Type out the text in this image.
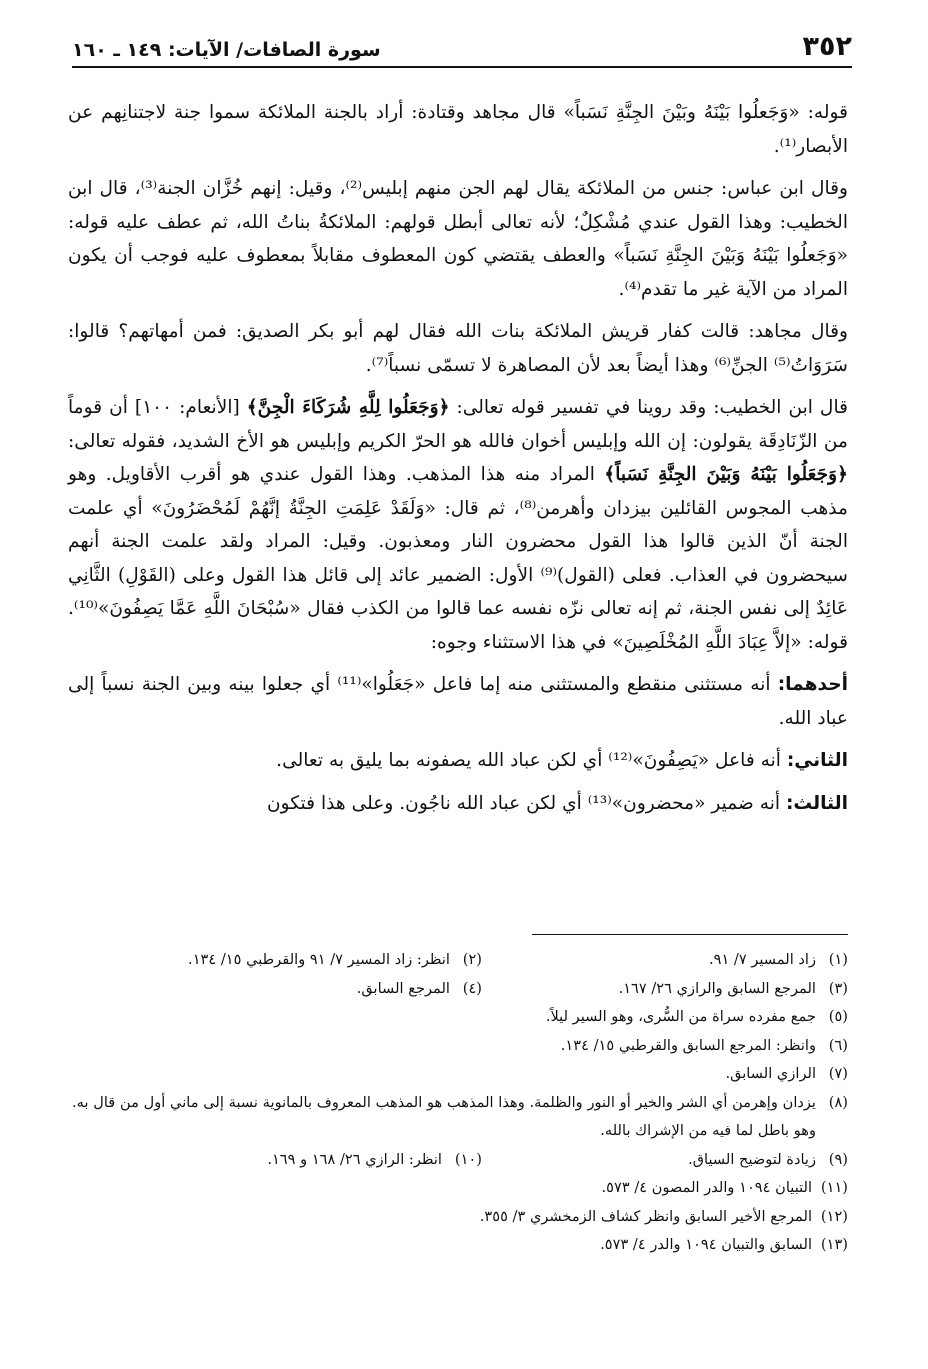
٣٥٢
سورة الصافات/ الآيات: ١٤٩ ـ ١٦٠

قوله: «وَجَعلُوا بَيْنَهُ وبَيْنَ الجِنَّةِ نَسَباً» قال مجاهد وقتادة: أراد بالجنة الملائكة سموا جنة لاجتنانِهم عن الأبصار⁽¹⁾.

وقال ابن عباس: جنس من الملائكة يقال لهم الجن منهم إبليس⁽²⁾، وقيل: إنهم خُزَّان الجنة⁽³⁾، قال ابن الخطيب: وهذا القول عندي مُشْكِلٌ؛ لأنه تعالى أبطل قولهم: الملائكةُ بناتُ الله، ثم عطف عليه قوله: «وَجَعلُوا بَيْنَهُ وَبَيْنَ الجِنَّةِ نَسَباً» والعطف يقتضي كون المعطوف مقابلاً بمعطوف عليه فوجب أن يكون المراد من الآية غير ما تقدم⁽⁴⁾.

وقال مجاهد: قالت كفار قريش الملائكة بنات الله فقال لهم أبو بكر الصديق: فمن أمهاتهم؟ قالوا: سَرَوَاتُ⁽⁵⁾ الجنِّ⁽⁶⁾ وهذا أيضاً بعد لأن المصاهرة لا تسمّى نسباً⁽⁷⁾.

قال ابن الخطيب: وقد روينا في تفسير قوله تعالى: ﴿وَجَعَلُوا لِلَّهِ شُرَكَاءَ الْجِنَّ﴾ [الأنعام: ١٠٠] أن قوماً من الزّنَادِقَة يقولون: إن الله وإبليس أخوان فالله هو الحرّ الكريم وإبليس هو الأخ الشديد، فقوله تعالى: ﴿وَجَعَلُوا بَيْنَهُ وَبَيْنَ الجِنَّةِ نَسَباً﴾ المراد منه هذا المذهب. وهذا القول عندي هو أقرب الأقاويل. وهو مذهب المجوس القائلين بيزدان وأهرمن⁽⁸⁾، ثم قال: «وَلَقَدْ عَلِمَتِ الجِنَّةُ إنَّهُمْ لَمُحْضَرُونَ» أي علمت الجنة أنّ الذين قالوا هذا القول محضرون النار ومعذبون. وقيل: المراد ولقد علمت الجنة أنهم سيحضرون في العذاب. فعلى (القول)⁽⁹⁾ الأول: الضمير عائد إلى قائل هذا القول وعلى (القَوْلِ) الثَّانِي عَائِدٌ إلى نفس الجنة، ثم إنه تعالى نزّه نفسه عما قالوا من الكذب فقال «سُبْحَانَ اللَّهِ عَمَّا يَصِفُونَ»⁽¹⁰⁾. قوله: «إلاَّ عِبَادَ اللَّهِ المُخْلَصِينَ» في هذا الاستثناء وجوه:

أحدهما: أنه مستثنى منقطع والمستثنى منه إما فاعل «جَعَلُوا»⁽¹¹⁾ أي جعلوا بينه وبين الجنة نسباً إلى عباد الله.

الثاني: أنه فاعل «يَصِفُونَ»⁽¹²⁾ أي لكن عباد الله يصفونه بما يليق به تعالى.

الثالث: أنه ضمير «محضرون»⁽¹³⁾ أي لكن عباد الله ناجُون. وعلى هذا فتكون

(١)
زاد المسير ٧/ ٩١.
(٢)
انظر: زاد المسير ٧/ ٩١ والقرطبي ١٥/ ١٣٤.
(٣)
المرجع السابق والرازي ٢٦/ ١٦٧.
(٤)
المرجع السابق.
(٥)
جمع مفرده سراة من السُّرى، وهو السير ليلاً.
(٦)
وانظر: المرجع السابق والقرطبي ١٥/ ١٣٤.
(٧)
الرازي السابق.
(٨)يزدان وإهرمن أي الشر والخير أو النور والظلمة. وهذا المذهب هو المذهب المعروف بالمانوية نسبة إلى ماني أول من قال به. وهو باطل لما فيه من الإشراك بالله.
(٩)
زيادة لتوضيح السياق.
(١٠)
انظر: الرازي ٢٦/ ١٦٨ و ١٦٩.
(١١)
التبيان ١٠٩٤ والدر المصون ٤/ ٥٧٣.
(١٢)
المرجع الأخير السابق وانظر كشاف الزمخشري ٣/ ٣٥٥.
(١٣)
السابق والتبيان ١٠٩٤ والدر ٤/ ٥٧٣.
